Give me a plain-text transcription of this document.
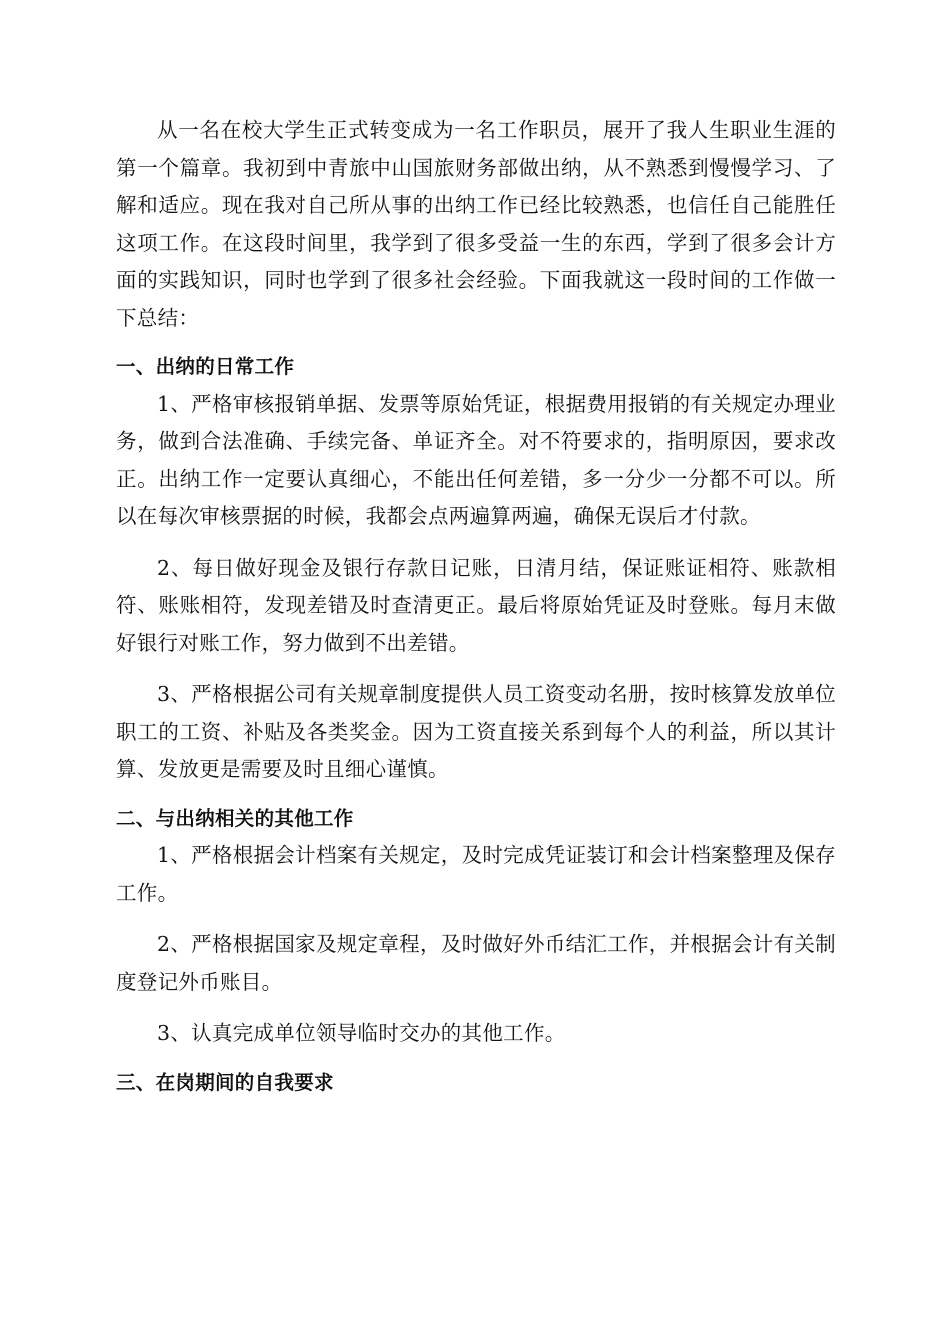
从一名在校大学生正式转变成为一名工作职员，展开了我人生职业生涯的第一个篇章。我初到中青旅中山国旅财务部做出纳，从不熟悉到慢慢学习、了解和适应。现在我对自己所从事的出纳工作已经比较熟悉，也信任自己能胜任这项工作。在这段时间里，我学到了很多受益一生的东西，学到了很多会计方面的实践知识，同时也学到了很多社会经验。下面我就这一段时间的工作做一下总结：

一、出纳的日常工作

1、严格审核报销单据、发票等原始凭证，根据费用报销的有关规定办理业务，做到合法准确、手续完备、单证齐全。对不符要求的，指明原因，要求改正。出纳工作一定要认真细心，不能出任何差错，多一分少一分都不可以。所以在每次审核票据的时候，我都会点两遍算两遍，确保无误后才付款。

2、每日做好现金及银行存款日记账，日清月结，保证账证相符、账款相符、账账相符，发现差错及时查清更正。最后将原始凭证及时登账。每月末做好银行对账工作，努力做到不出差错。

3、严格根据公司有关规章制度提供人员工资变动名册，按时核算发放单位职工的工资、补贴及各类奖金。因为工资直接关系到每个人的利益，所以其计算、发放更是需要及时且细心谨慎。

二、与出纳相关的其他工作

1、严格根据会计档案有关规定，及时完成凭证装订和会计档案整理及保存工作。

2、严格根据国家及规定章程，及时做好外币结汇工作，并根据会计有关制度登记外币账目。

3、认真完成单位领导临时交办的其他工作。

三、在岗期间的自我要求
